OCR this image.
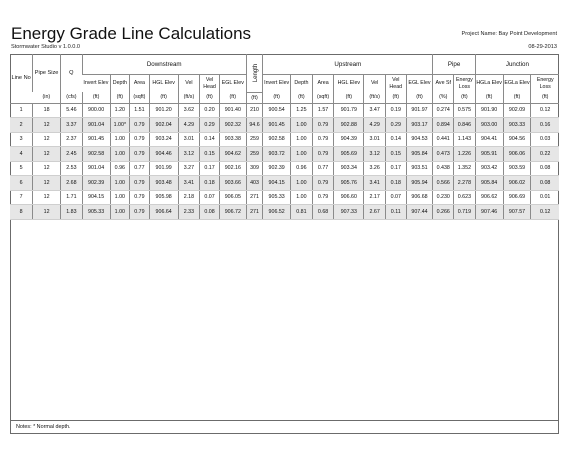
Energy Grade Line Calculations
Stormwater Studio v 1.0.0.0
Project Name: Bay Point Development
08-29-2013
Line No	Pipe Size	Q	Downstream							Length	Upstream							Pipe		Junction		
			Invert Elev	Depth	Area	HGL Elev	Vel	Vel Head	EGL Elev		Invert Elev	Depth	Area	HGL Elev	Vel	Vel Head	EGL Elev	Ave Sf	Energy Loss	HGLa Elev	EGLa Elev	Energy Loss
	(in)	(cfs)	(ft)	(ft)	(sqft)	(ft)	(ft/s)	(ft)	(ft)	(ft)	(ft)	(ft)	(sqft)	(ft)	(ft/s)	(ft)	(ft)	(%)	(ft)	(ft)	(ft)	(ft)
1	18	5.46	900.00	1.20	1.51	901.20	3.62	0.20	901.40	210	900.54	1.25	1.57	901.79	3.47	0.19	901.97	0.274	0.575	901.90	902.09	0.12
2	12	3.37	901.04	1.00*	0.79	902.04	4.29	0.29	902.32	94.6	901.45	1.00	0.79	902.88	4.29	0.29	903.17	0.894	0.846	903.00	903.33	0.16
3	12	2.37	901.45	1.00	0.79	903.24	3.01	0.14	903.38	259	902.58	1.00	0.79	904.39	3.01	0.14	904.53	0.441	1.143	904.41	904.56	0.03
4	12	2.45	902.58	1.00	0.79	904.46	3.12	0.15	904.62	259	903.72	1.00	0.79	905.69	3.12	0.15	905.84	0.473	1.226	905.91	906.06	0.22
5	12	2.53	901.04	0.96	0.77	901.99	3.27	0.17	902.16	309	902.39	0.96	0.77	903.34	3.26	0.17	903.51	0.438	1.352	903.42	903.59	0.08
6	12	2.68	902.39	1.00	0.79	903.48	3.41	0.18	903.66	403	904.15	1.00	0.79	905.76	3.41	0.18	905.94	0.566	2.278	905.84	906.02	0.08
7	12	1.71	904.15	1.00	0.79	905.98	2.18	0.07	906.05	271	905.33	1.00	0.79	906.60	2.17	0.07	906.68	0.230	0.623	906.62	906.69	0.01
8	12	1.83	905.33	1.00	0.79	906.64	2.33	0.08	906.72	271	906.52	0.81	0.68	907.33	2.67	0.11	907.44	0.266	0.719	907.46	907.57	0.12
Notes: * Normal depth.
